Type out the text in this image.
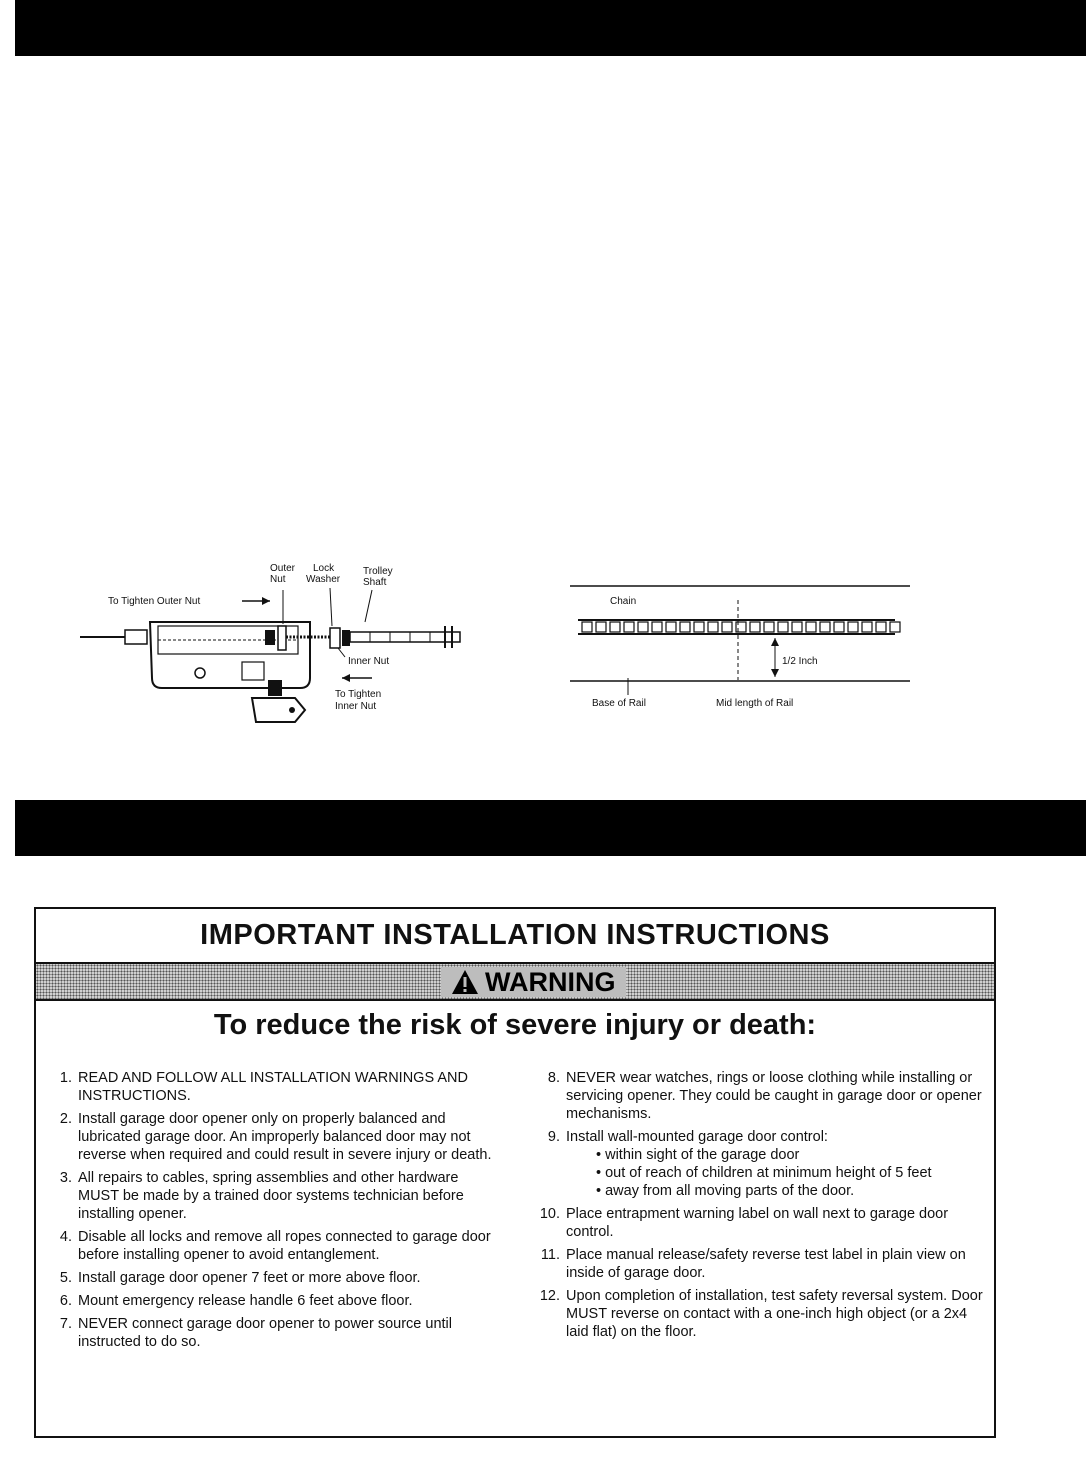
Outer Nut
Lock Washer
Trolley Shaft
To Tighten Outer Nut
Inner Nut
To Tighten Inner Nut
Chain
1/2 Inch
Base of Rail	Mid length of Rail
IMPORTANT INSTALLATION INSTRUCTIONS
WARNING
To reduce the risk of severe injury or death:
1. READ AND FOLLOW ALL INSTALLATION WARNINGS AND INSTRUCTIONS.
2. Install garage door opener only on properly balanced and lubricated garage door. An improperly balanced door may not reverse when required and could result in severe injury or death.
3. All repairs to cables, spring assemblies and other hardware MUST be made by a trained door systems technician before installing opener.
4. Disable all locks and remove all ropes connected to garage door before installing opener to avoid entanglement.
5. Install garage door opener 7 feet or more above floor.
6. Mount emergency release handle 6 feet above floor.
7. NEVER connect garage door opener to power source until instructed to do so.
8. NEVER wear watches, rings or loose clothing while installing or servicing opener. They could be caught in garage door or opener mechanisms.
9. Install wall-mounted garage door control:
• within sight of the garage door
• out of reach of children at minimum height of 5 feet
• away from all moving parts of the door.
10. Place entrapment warning label on wall next to garage door control.
11. Place manual release/safety reverse test label in plain view on inside of garage door.
12. Upon completion of installation, test safety reversal system. Door MUST reverse on contact with a one-inch high object (or a 2x4 laid flat) on the floor.
